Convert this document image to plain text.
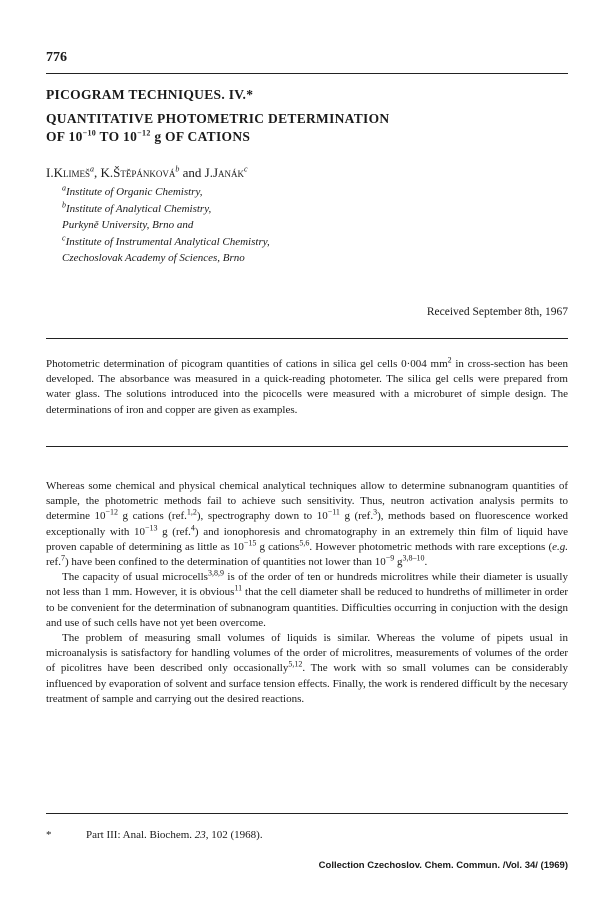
776
PICOGRAM TECHNIQUES. IV.*
QUANTITATIVE PHOTOMETRIC DETERMINATION
OF $10^{-10}$ TO $10^{-12}$ g OF CATIONS
I.Klimeš$^a$, K.Štěpánková$^b$ and J.Janák$^c$
$^a$Institute of Organic Chemistry,
$^b$Institute of Analytical Chemistry,
Purkyně University, Brno and
$^c$Institute of Instrumental Analytical Chemistry,
Czechoslovak Academy of Sciences, Brno
Received September 8th, 1967
Photometric determination of picogram quantities of cations in silica gel cells 0·004 $mm^2$ in cross-section has been developed. The absorbance was measured in a quick-reading photometer. The silica gel cells were prepared from water glass. The solutions introduced into the picocells were measured with a microburet of simple design. The determinations of iron and copper are given as examples.

Whereas some chemical and physical chemical analytical techniques allow to determine subnanogram quantities of sample, the photometric methods fail to achieve such sensitivity. Thus, neutron activation analysis permits to determine $10^{-12}$ g cations (ref.$^{1,2}$), spectrography down to $10^{-11}$ g (ref.$^3$), methods based on fluorescence worked exceptionally with $10^{-13}$ g (ref.$^4$) and ionophoresis and chromatography in an extremely thin film of liquid have proven capable of determining as little as $10^{-15}$ g cations$^{5,6}$. However photometric methods with rare exceptions (e.g. ref.$^7$) have been confined to the determination of quantities not lower than $10^{-9}$ $g^{3,8-10}$.

The capacity of usual microcells$^{3,8,9}$ is of the order of ten or hundreds microlitres while their diameter is usually not less than 1 mm. However, it is obvious$^{11}$ that the cell diameter shall be reduced to hundreths of millimeter in order to be convenient for the determination of subnanogram quantities. Difficulties occurring in conjuction with the design and use of such cells have not yet been overcome.

The problem of measuring small volumes of liquids is similar. Whereas the volume of pipets usual in microanalysis is satisfactory for handling volumes of the order of microlitres, measurements of volumes of the order of picolitres have been described only occasionally$^{5,12}$. The work with so small volumes can be considerably influenced by evaporation of solvent and surface tension effects. Finally, the work is rendered difficult by the necesary treatment of sample and carrying out the desired reactions.

*	Part III: Anal. Biochem. 23, 102 (1968).
Collection Czechoslov. Chem. Commun. /Vol. 34/ (1969)
